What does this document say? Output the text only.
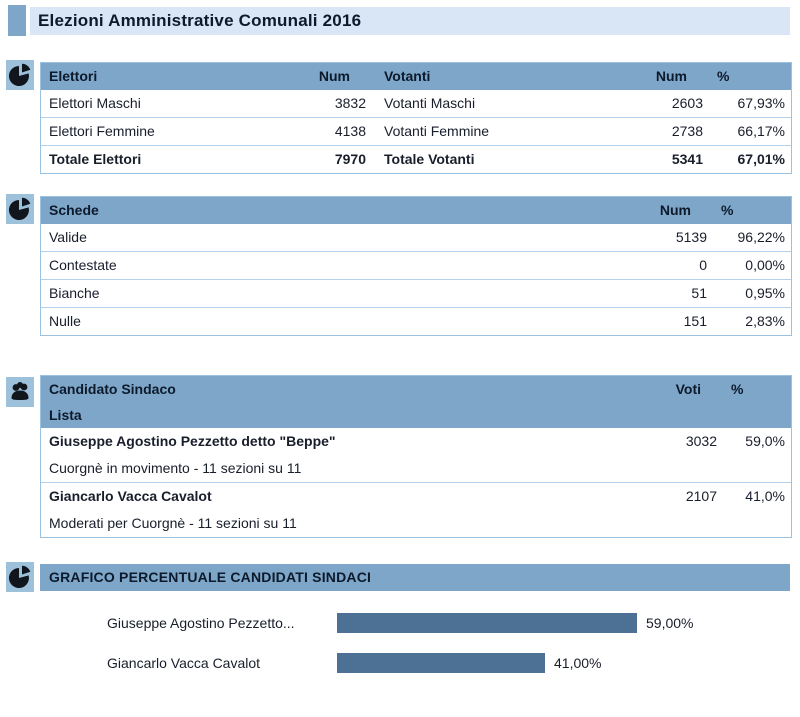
Elezioni Amministrative Comunali 2016
Elettori	Num	Votanti	Num	%
Elettori Maschi	3832 Votanti Maschi	2603	67,93%
Elettori Femmine	4138 Votanti Femmine	2738	66,17%
Totale Elettori	7970 Totale Votanti	5341	67,01%
Schede	Num	%
Valide	5139	96,22%
Contestate	0	0,00%
Bianche	51	0,95%
Nulle	151	2,83%
Candidato Sindaco
Lista
Voti	%
Giuseppe Agostino Pezzetto detto "Beppe"	3032	59,0%
Cuorgnè in movimento - 11 sezioni su 11
Giancarlo Vacca Cavalot	2107	41,0%
Moderati per Cuorgnè - 11 sezioni su 11
GRAFICO PERCENTUALE CANDIDATI SINDACI
Giuseppe Agostino Pezzetto...	59,00%
Giancarlo Vacca Cavalot	41,00%
